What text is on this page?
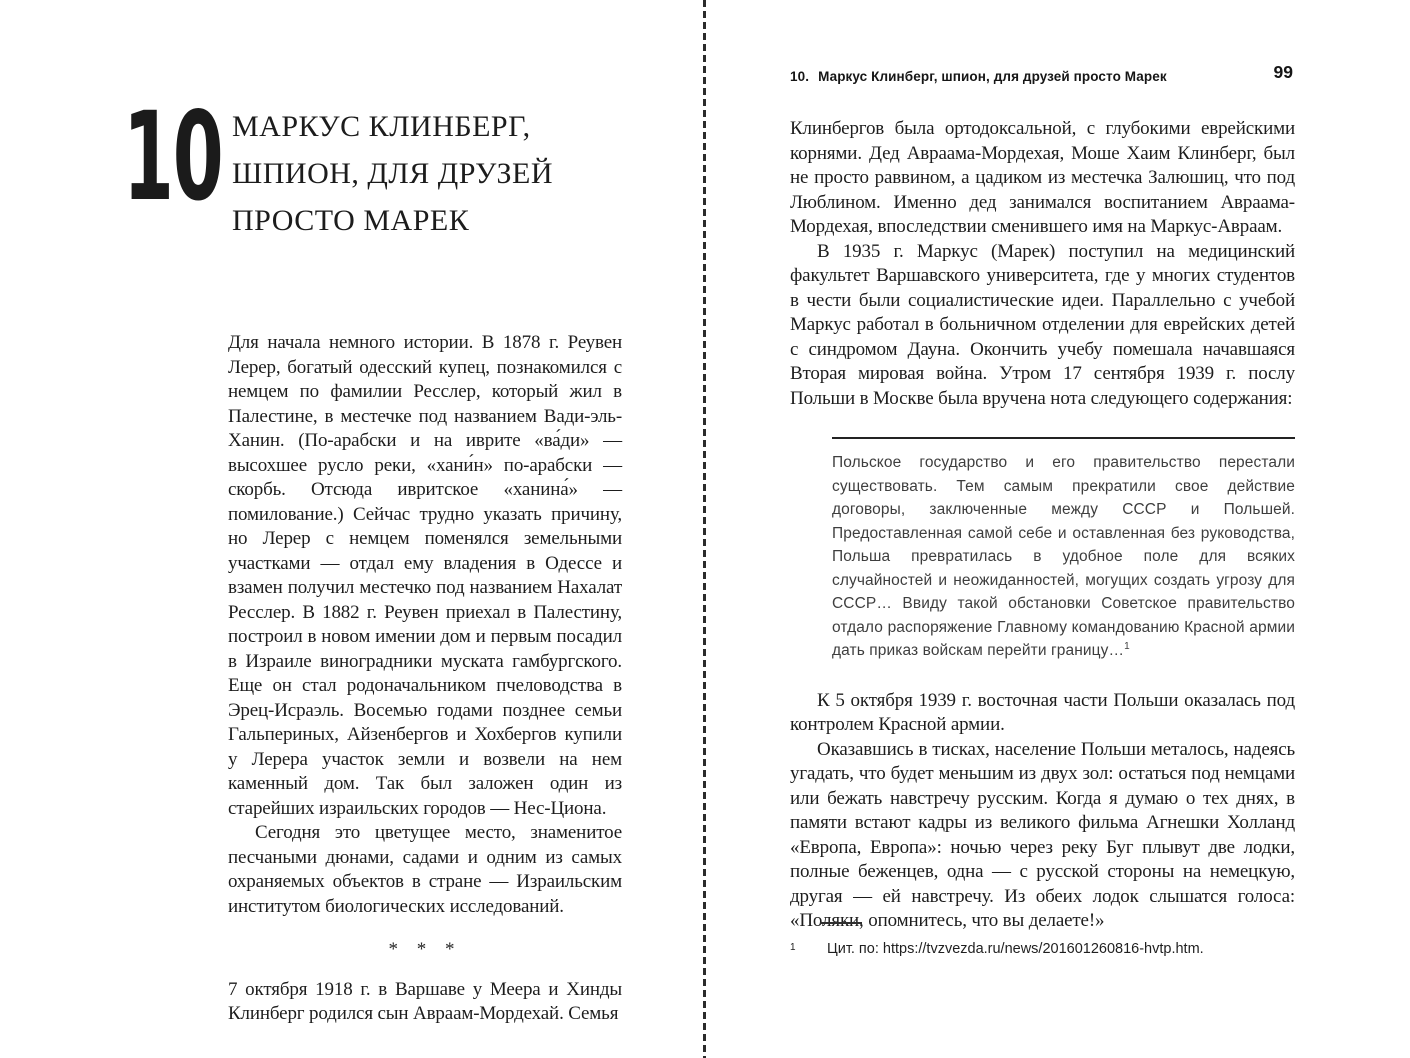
10 МАРКУС КЛИНБЕРГ,
ШПИОН, ДЛЯ ДРУЗЕЙ
ПРОСТО МАРЕК

Для начала немного истории. В 1878 г. Реувен Лерер, богатый одесский купец, познакомился с немцем по фамилии Ресслер, который жил в Палестине, в местечке под названием Вади-эль-Ханин. (По-арабски и на иврите «ва́ди» — высохшее русло реки, «хани́н» по-арабски — скорбь. Отсюда ивритское «ханина́» — помилование.) Сейчас трудно указать причину, но Лерер с немцем поменялся земельными участками — отдал ему владения в Одессе и взамен получил местечко под названием Нахалат Ресслер. В 1882 г. Реувен приехал в Палестину, построил в новом имении дом и первым посадил в Израиле виноградники муската гамбургского. Еще он стал родоначальником пчеловодства в Эрец-Исраэль. Восемью годами позднее семьи Гальпериных, Айзенбергов и Хохбергов купили у Лерера участок земли и возвели на нем каменный дом. Так был заложен один из старейших израильских городов — Нес-Циона.

Сегодня это цветущее место, знаменитое песчаными дюнами, садами и одним из самых охраняемых объектов в стране — Израильским институтом биологических исследований.

* * *

7 октября 1918 г. в Варшаве у Меера и Хинды Клинберг родился сын Авраам-Мордехай. Семья

10. Маркус Клинберг, шпион, для друзей просто Марек	99

Клинбергов была ортодоксальной, с глубокими еврейскими корнями. Дед Авраама-Мордехая, Моше Хаим Клинберг, был не просто раввином, а цадиком из местечка Залюшиц, что под Люблином. Именно дед занимался воспитанием Авраама-Мордехая, впоследствии сменившего имя на Маркус-Авраам.

В 1935 г. Маркус (Марек) поступил на медицинский факультет Варшавского университета, где у многих студентов в чести были социалистические идеи. Параллельно с учебой Маркус работал в больничном отделении для еврейских детей с синдромом Дауна. Окончить учебу помешала начавшаяся Вторая мировая война. Утром 17 сентября 1939 г. послу Польши в Москве была вручена нота следующего содержания:

Польское государство и его правительство перестали существовать. Тем самым прекратили свое действие договоры, заключенные между СССР и Польшей. Предоставленная самой себе и оставленная без руководства, Польша превратилась в удобное поле для всяких случайностей и неожиданностей, могущих создать угрозу для СССР… Ввиду такой обстановки Советское правительство отдало распоряжение Главному командованию Красной армии дать приказ войскам перейти границу…$^1$

К 5 октября 1939 г. восточная части Польши оказалась под контролем Красной армии.

Оказавшись в тисках, население Польши металось, надеясь угадать, что будет меньшим из двух зол: остаться под немцами или бежать навстречу русским. Когда я думаю о тех днях, в памяти встают кадры из великого фильма Агнешки Холланд «Европа, Европа»: ночью через реку Буг плывут две лодки, полные беженцев, одна — с русской стороны на немецкую, другая — ей навстречу. Из обеих лодок слышатся голоса: «Поляки, опомнитесь, что вы делаете!»

$^1$ Цит. по: https://tvzvezda.ru/news/201601260816-hvtp.htm.
